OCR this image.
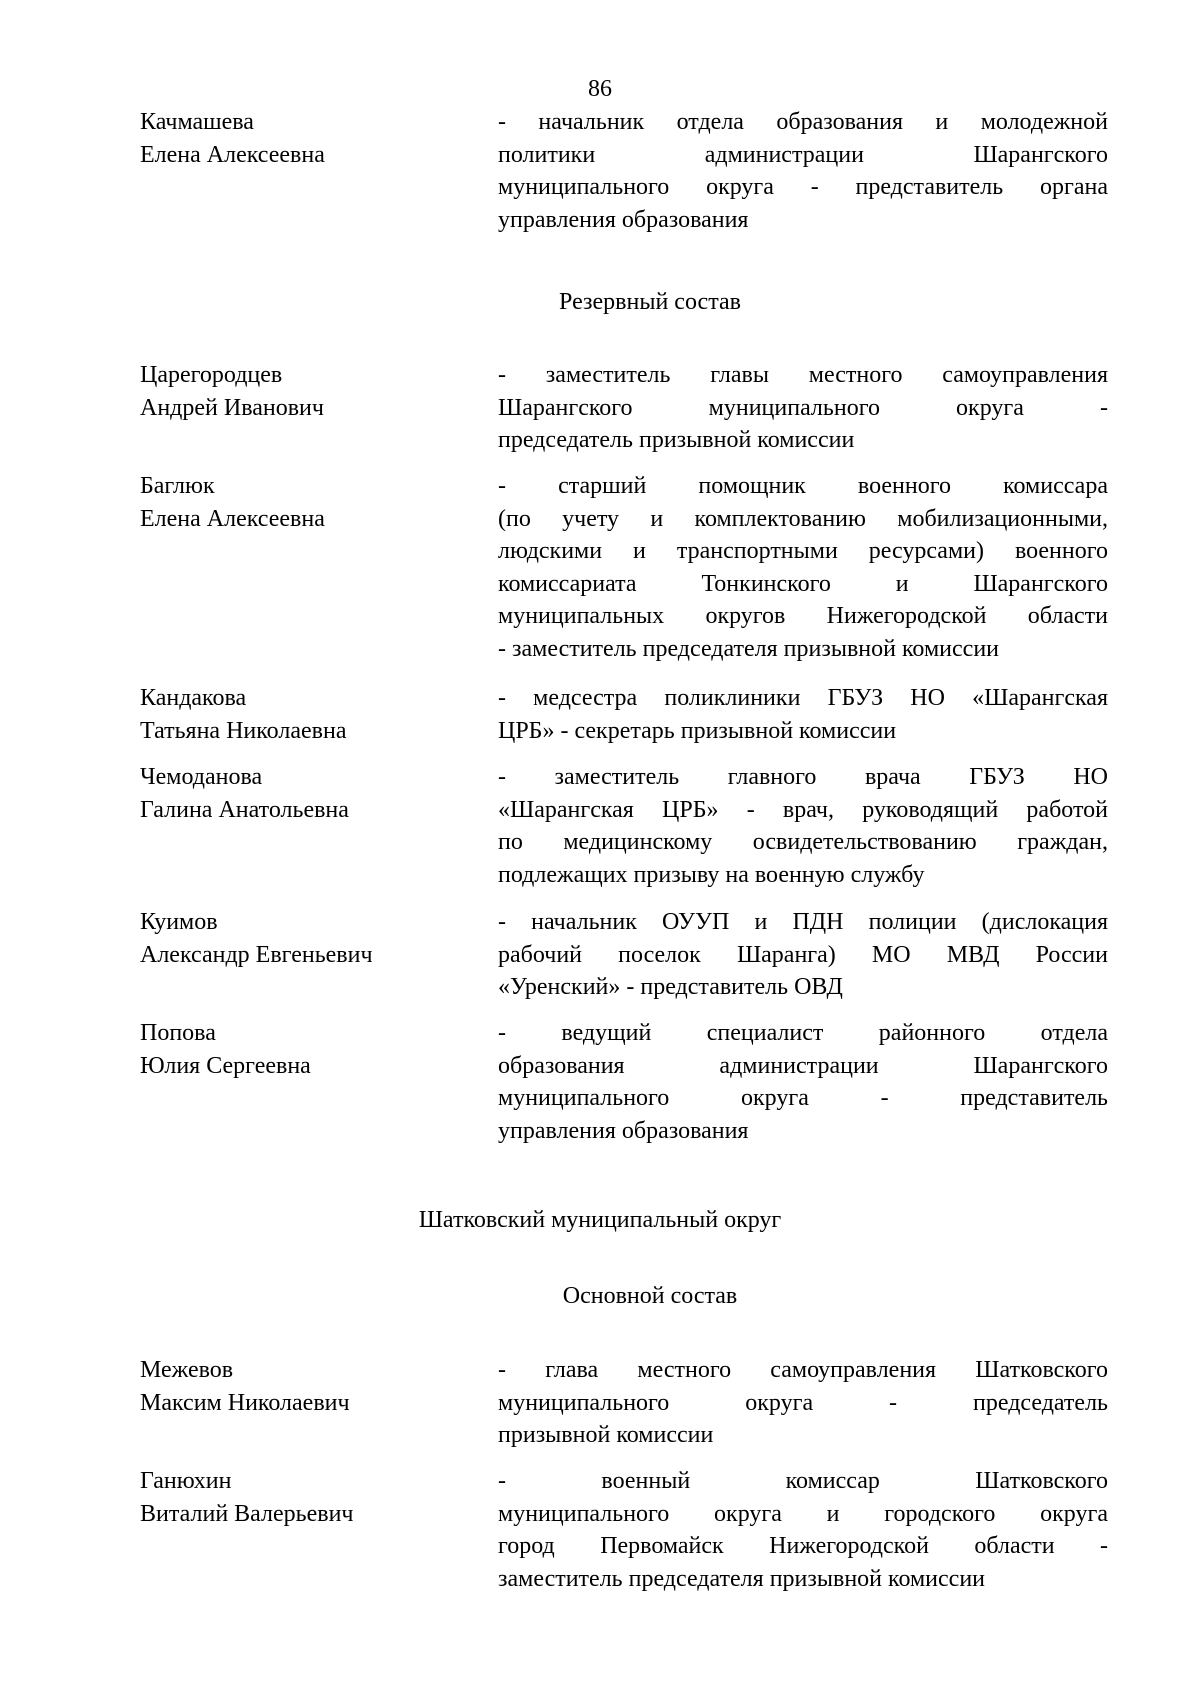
86
Качмашева
Елена Алексеевна
- начальник отдела образования и молодежной
политики администрации Шарангского
муниципального округа - представитель органа
управления образования
Резервный состав
Царегородцев
Андрей Иванович
- заместитель главы местного самоуправления
Шарангского муниципального округа -
председатель призывной комиссии
Баглюк
Елена Алексеевна
- старший помощник военного комиссара
(по учету и комплектованию мобилизационными,
людскими и транспортными ресурсами) военного
комиссариата Тонкинского и Шарангского
муниципальных округов Нижегородской области
- заместитель председателя призывной комиссии
Кандакова
Татьяна Николаевна
- медсестра поликлиники ГБУЗ НО «Шарангская
ЦРБ» - секретарь призывной комиссии
Чемоданова
Галина Анатольевна
- заместитель главного врача ГБУЗ НО
«Шарангская ЦРБ» - врач, руководящий работой
по медицинскому освидетельствованию граждан,
подлежащих призыву на военную службу
Куимов
Александр Евгеньевич
- начальник ОУУП и ПДН полиции (дислокация
рабочий поселок Шаранга) МО МВД России
«Уренский» - представитель ОВД
Попова
Юлия Сергеевна
- ведущий специалист районного отдела
образования администрации Шарангского
муниципального округа - представитель
управления образования
Шатковский муниципальный округ
Основной состав
Межевов
Максим Николаевич
- глава местного самоуправления Шатковского
муниципального округа - председатель
призывной комиссии
Ганюхин
Виталий Валерьевич
- военный комиссар Шатковского
муниципального округа и городского округа
город Первомайск Нижегородской области -
заместитель председателя призывной комиссии
